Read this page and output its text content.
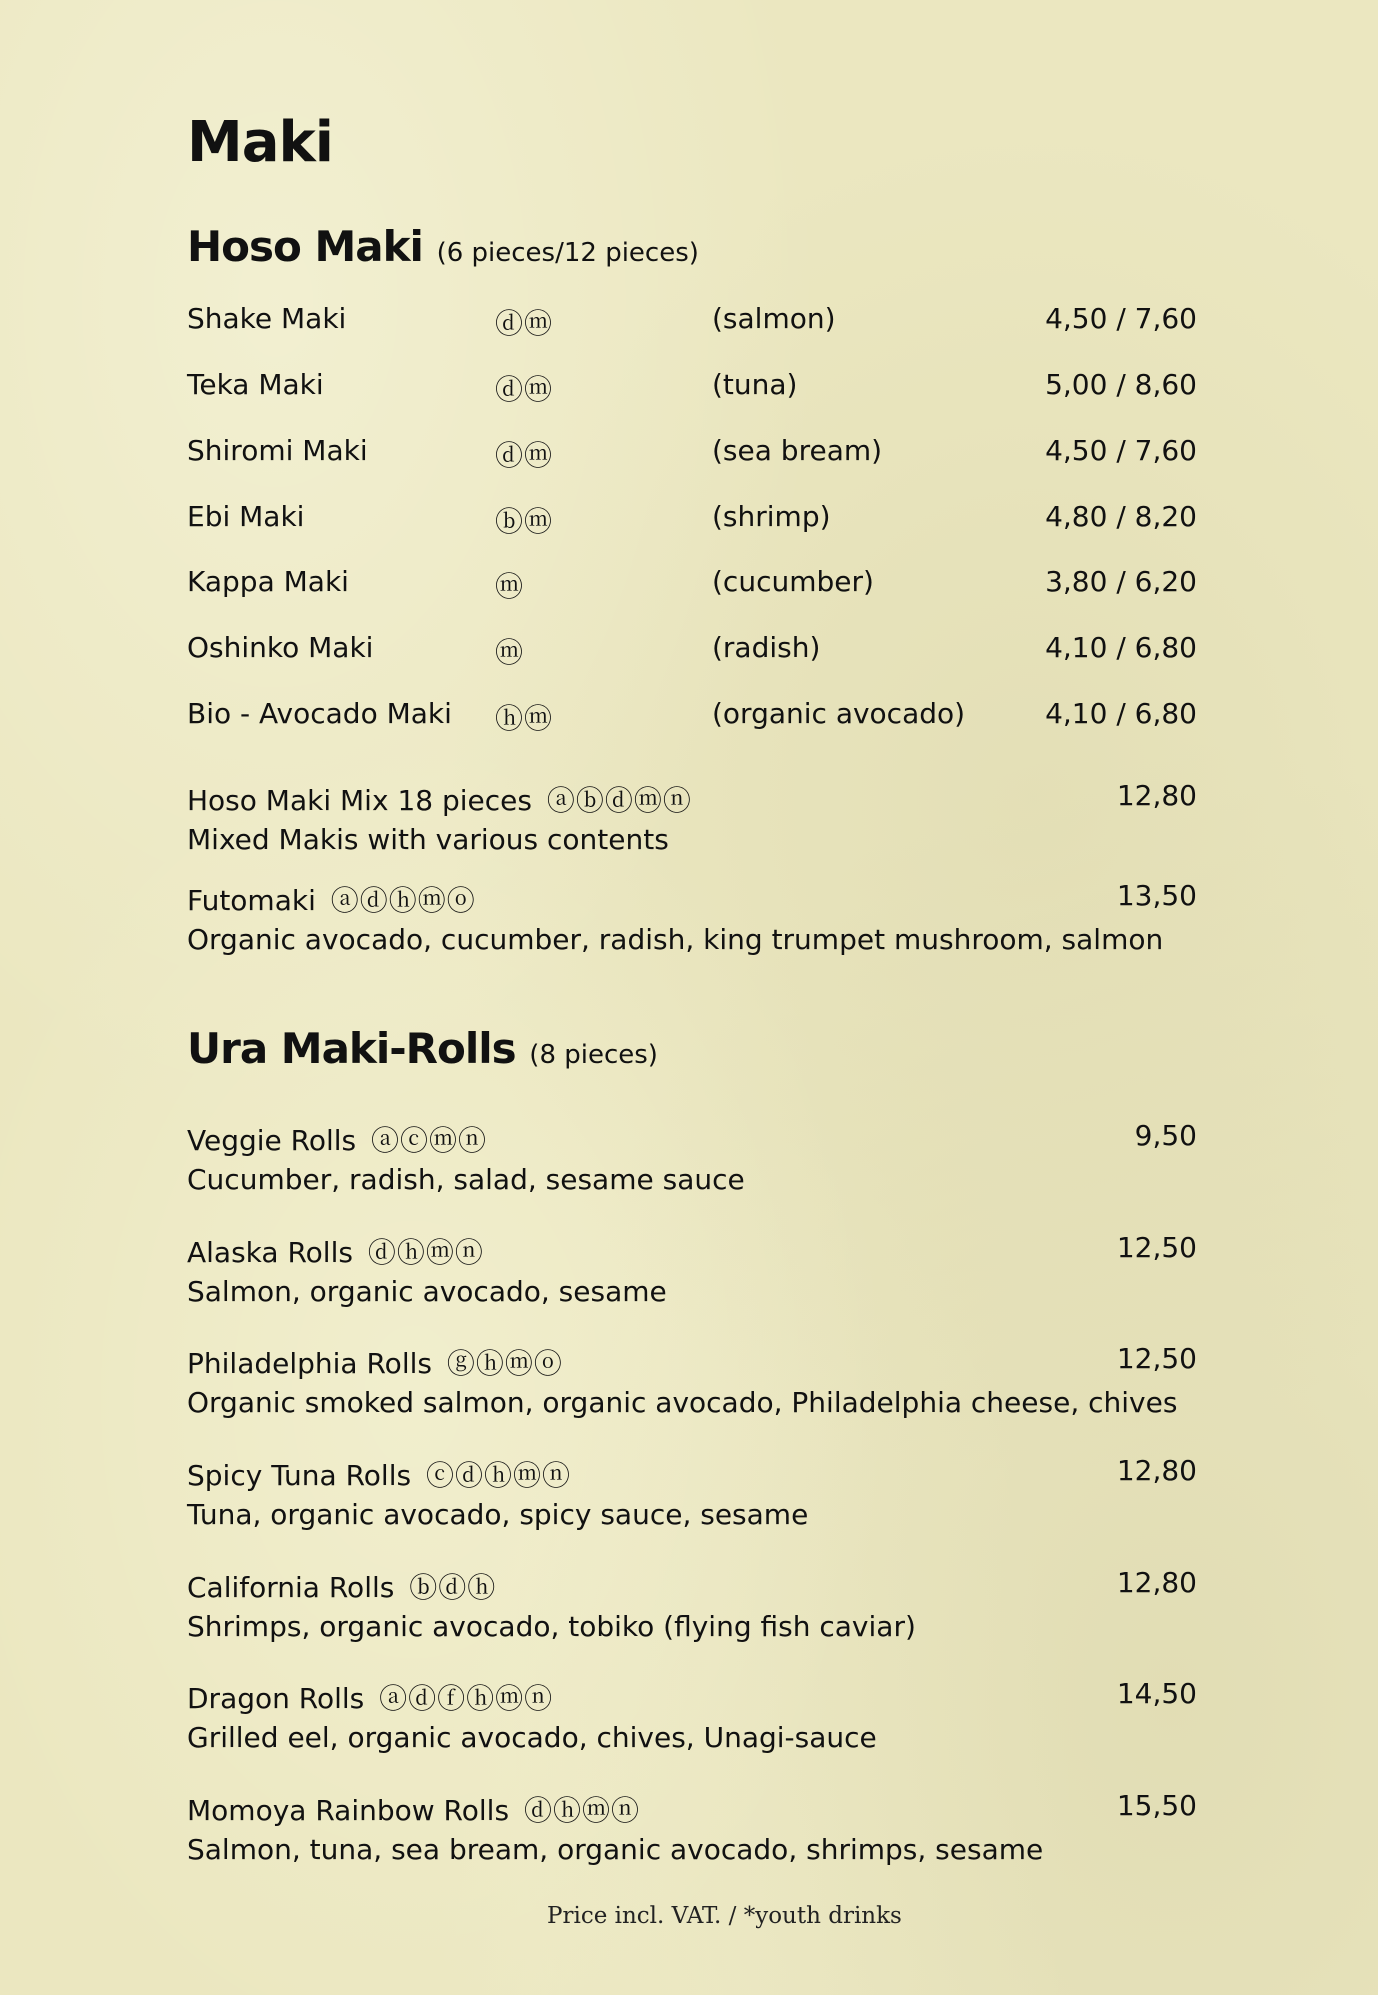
Maki
Hoso Maki (6 pieces/12 pieces)
Shake Maki	ⓓⓜ	(salmon)	4,50 / 7,60
Teka Maki	ⓓⓜ	(tuna)	5,00 / 8,60
Shiromi Maki	ⓓⓜ	(sea bream)	4,50 / 7,60
Ebi Maki	ⓑⓜ	(shrimp)	4,80 / 8,20
Kappa Maki	ⓜ	(cucumber)	3,80 / 6,20
Oshinko Maki	ⓜ	(radish)	4,10 / 6,80
Bio - Avocado Maki ⓗⓜ	(organic avocado)	4,10 / 6,80
Hoso Maki Mix 18 pieces ⓐⓑⓓⓜⓝ	12,80
Mixed Makis with various contents
Futomaki ⓐⓓⓗⓜⓞ	13,50
Organic avocado, cucumber, radish, king trumpet mushroom, salmon
Ura Maki-Rolls (8 pieces)
Veggie Rolls ⓐⓒⓜⓝ	9,50
Cucumber, radish, salad, sesame sauce
Alaska Rolls ⓓⓗⓜⓝ	12,50
Salmon, organic avocado, sesame
Philadelphia Rolls ⓖⓗⓜⓞ	12,50
Organic smoked salmon, organic avocado, Philadelphia cheese, chives
Spicy Tuna Rolls ⓒⓓⓗⓜⓝ	12,80
Tuna, organic avocado, spicy sauce, sesame
California Rolls ⓑⓓⓗ	12,80
Shrimps, organic avocado, tobiko (flying fish caviar)
Dragon Rolls ⓐⓓⓕⓗⓜⓝ	14,50
Grilled eel, organic avocado, chives, Unagi-sauce
Momoya Rainbow Rolls ⓓⓗⓜⓝ	15,50
Salmon, tuna, sea bream, organic avocado, shrimps, sesame
Price incl. VAT. / *youth drinks
